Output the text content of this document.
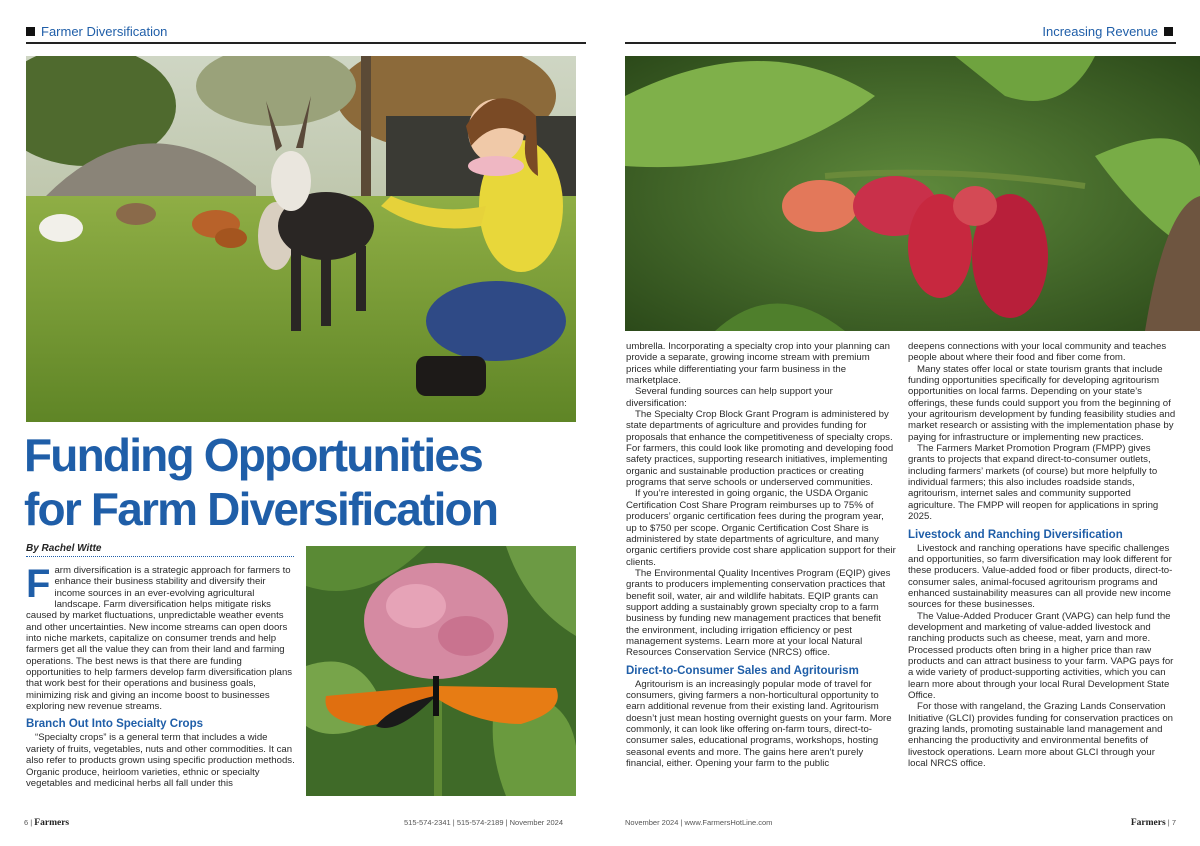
Farmer Diversification	Increasing Revenue
Funding Opportunities
for Farm Diversification
By Rachel Witte

Farm diversification is a strategic approach for farmers to enhance their business stability and diversify their income sources in an ever-evolving agricultural landscape. Farm diversification helps mitigate risks caused by market fluctuations, unpredictable weather events and other uncertainties. New income streams can open doors into niche markets, capitalize on consumer trends and help farmers get all the value they can from their land and farming operations. The best news is that there are funding opportunities to help farmers develop farm diversification plans that work best for their operations and business goals, minimizing risk and giving an income boost to businesses exploring new revenue streams.

Branch Out Into Specialty Crops

“Specialty crops” is a general term that includes a wide variety of fruits, vegetables, nuts and other commodities. It can also refer to products grown using specific production methods. Organic produce, heirloom varieties, ethnic or specialty vegetables and medicinal herbs all fall under this

umbrella. Incorporating a specialty crop into your planning can provide a separate, growing income stream with premium prices while differentiating your farm business in the marketplace.

Several funding sources can help support your diversification:

The Specialty Crop Block Grant Program is administered by state departments of agriculture and provides funding for proposals that enhance the competitiveness of specialty crops. For farmers, this could look like promoting and developing food safety practices, supporting research initiatives, implementing organic and sustainable production practices or creating programs that serve schools or underserved communities.

If you’re interested in going organic, the USDA Organic Certification Cost Share Program reimburses up to 75% of producers’ organic certification fees during the program year, up to $750 per scope. Organic Certification Cost Share is administered by state departments of agriculture, and many organic certifiers provide cost share application support for their clients.

The Environmental Quality Incentives Program (EQIP) gives grants to producers implementing conservation practices that benefit soil, water, air and wildlife habitats. EQIP grants can support adding a sustainably grown specialty crop to a farm business by funding new management practices that benefit the environment, including irrigation efficiency or pest management systems. Learn more at your local Natural Resources Conservation Service (NRCS) office.

Direct-to-Consumer Sales and Agritourism

Agritourism is an increasingly popular mode of travel for consumers, giving farmers a non-horticultural opportunity to earn additional revenue from their existing land. Agritourism doesn’t just mean hosting overnight guests on your farm. More commonly, it can look like offering on-farm tours, direct-to-consumer sales, educational programs, workshops, hosting seasonal events and more. The gains here aren’t purely financial, either. Opening your farm to the public

deepens connections with your local community and teaches people about where their food and fiber come from.

Many states offer local or state tourism grants that include funding opportunities specifically for developing agritourism opportunities on local farms. Depending on your state’s offerings, these funds could support you from the beginning of your agritourism development by funding feasibility studies and market research or assisting with the implementation phase by paying for infrastructure or implementing new practices.

The Farmers Market Promotion Program (FMPP) gives grants to projects that expand direct-to-consumer outlets, including farmers’ markets (of course) but more helpfully to individual farmers; this also includes roadside stands, agritourism, internet sales and community supported agriculture. The FMPP will reopen for applications in spring 2025.

Livestock and Ranching Diversification

Livestock and ranching operations have specific challenges and opportunities, so farm diversification may look different for these producers. Value-added food or fiber products, direct-to-consumer sales, animal-focused agritourism programs and enhanced sustainability measures can all provide new income sources for these businesses.

The Value-Added Producer Grant (VAPG) can help fund the development and marketing of value-added livestock and ranching products such as cheese, meat, yarn and more. Processed products often bring in a higher price than raw products and can attract business to your farm. VAPG pays for a wide variety of product-supporting activities, which you can learn more about through your local Rural Development State Office.

For those with rangeland, the Grazing Lands Conservation Initiative (GLCI) provides funding for conservation practices on grazing lands, promoting sustainable land management and enhancing the productivity and environmental benefits of livestock operations. Learn more about GLCI through your local NRCS office.

6 | Farmers	515-574-2341 | 515-574-2189 | November 2024	November 2024 | www.FarmersHotLine.com	Farmers | 7
